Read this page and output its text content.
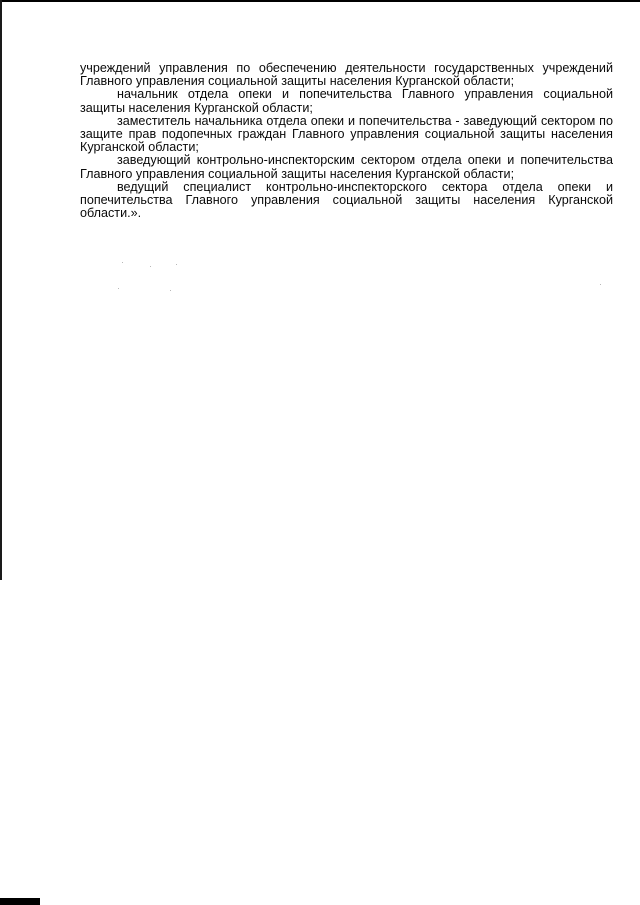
учреждений управления по обеспечению деятельности государственных учреждений Главного управления социальной защиты населения Курганской области;

начальник отдела опеки и попечительства Главного управления социальной защиты населения Курганской области;

заместитель начальника отдела опеки и попечительства - заведующий сектором по защите прав подопечных граждан Главного управления социальной защиты населения Курганской области;

заведующий контрольно-инспекторским сектором отдела опеки и попечительства Главного управления социальной защиты населения Курганской области;

ведущий специалист контрольно-инспекторского сектора отдела опеки и попечительства Главного управления социальной защиты населения Курганской области.».
